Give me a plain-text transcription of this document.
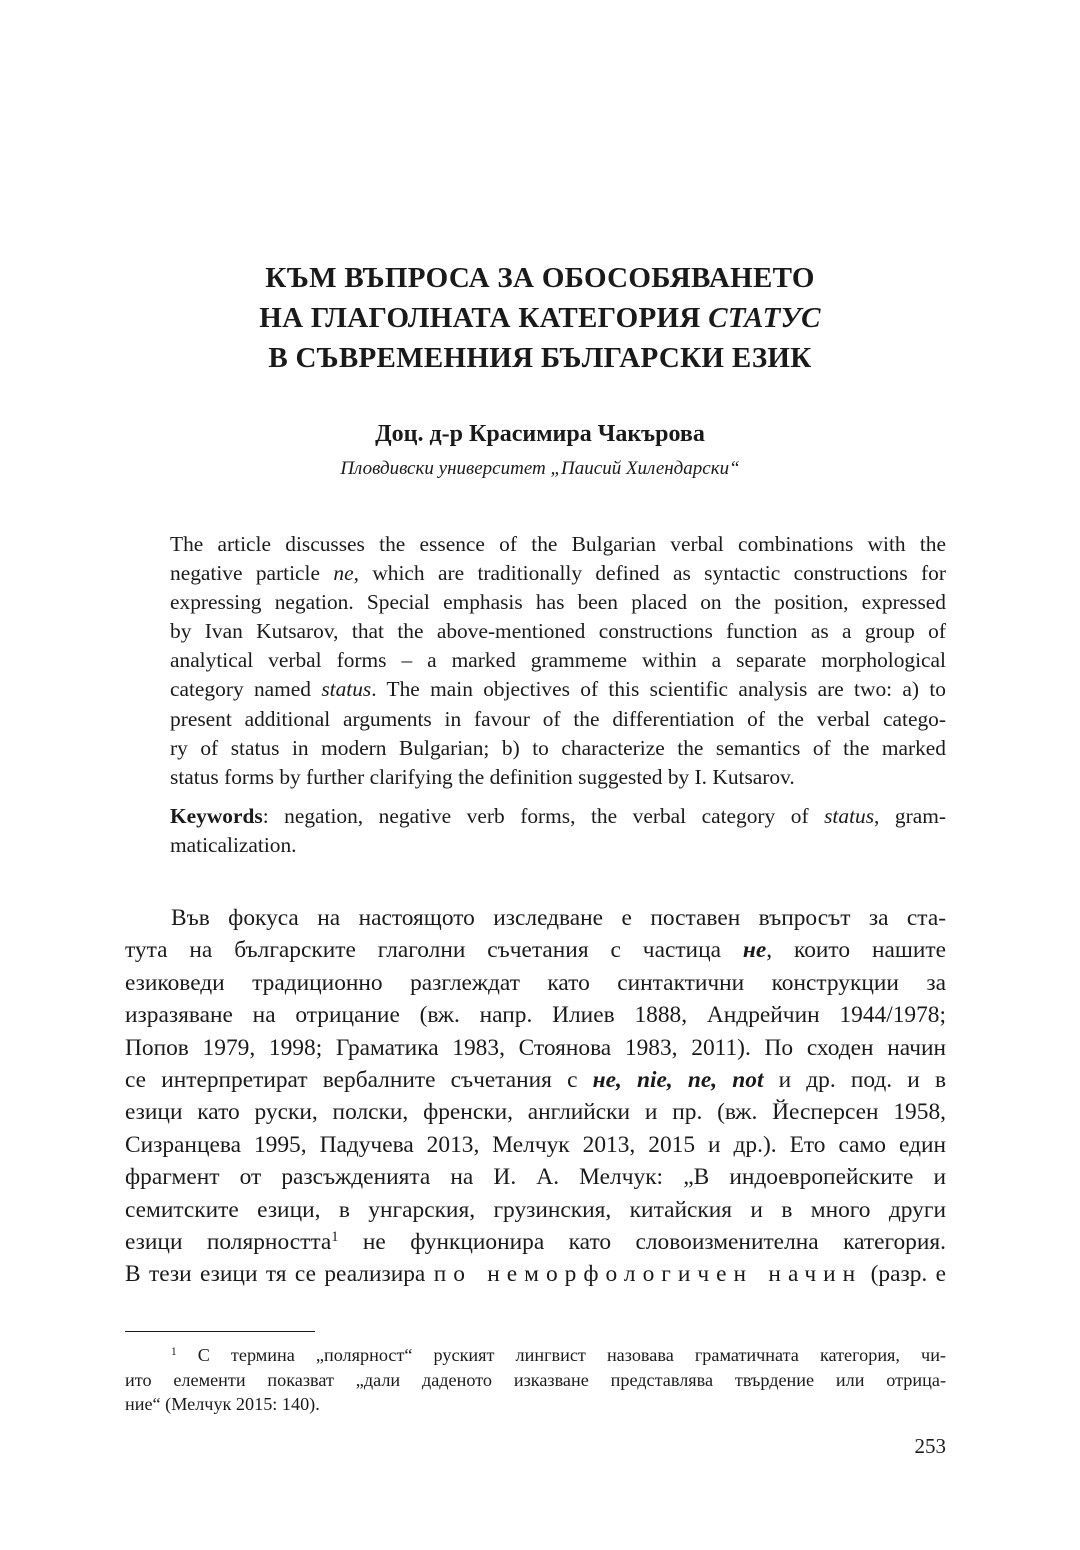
КЪМ ВЪПРОСА ЗА ОБОСОБЯВАНЕТО
НА ГЛАГОЛНАТА КАТЕГОРИЯ СТАТУС
В СЪВРЕМЕННИЯ БЪЛГАРСКИ ЕЗИК
Доц. д-р Красимира Чакърова
Пловдивски университет „Паисий Хилендарски“
The article discusses the essence of the Bulgarian verbal combinations with the
negative particle ne, which are traditionally defined as syntactic constructions for
expressing negation. Special emphasis has been placed on the position, expressed
by Ivan Kutsarov, that the above-mentioned constructions function as a group of
analytical verbal forms – a marked grammeme within a separate morphological
category named status. The main objectives of this scientific analysis are two: a) to
present additional arguments in favour of the differentiation of the verbal catego-
ry of status in modern Bulgarian; b) to characterize the semantics of the marked
status forms by further clarifying the definition suggested by I. Kutsarov.
Keywords: negation, negative verb forms, the verbal category of status, gram-
maticalization.
Във фокуса на настоящото изследване е поставен въпросът за ста-
тута на българските глаголни съчетания с частица не, които нашите
езиковеди традиционно разглеждат като синтактични конструкции за
изразяване на отрицание (вж. напр. Илиев 1888, Андрейчин 1944/1978;
Попов 1979, 1998; Граматика 1983, Стоянова 1983, 2011). По сходен начин
се интерпретират вербалните съчетания с не, nie, ne, not и др. под. и в
езици като руски, полски, френски, английски и пр. (вж. Йесперсен 1958,
Сизранцева 1995, Падучева 2013, Мелчук 2013, 2015 и др.). Ето само един
фрагмент от разсъжденията на И. А. Мелчук: „В индоевропейските и
семитските езици, в унгарския, грузинския, китайския и в много други
езици полярността$^1$ не функционира като словоизменителна категория.
В тези езици тя се реализира по неморфологичен начин (разр. е
$^1$ С термина „полярност“ руският лингвист назовава граматичната категория, чи-
ито елементи показват „дали даденото изказване представлява твърдение или отрица-
ние“ (Мелчук 2015: 140).
253
